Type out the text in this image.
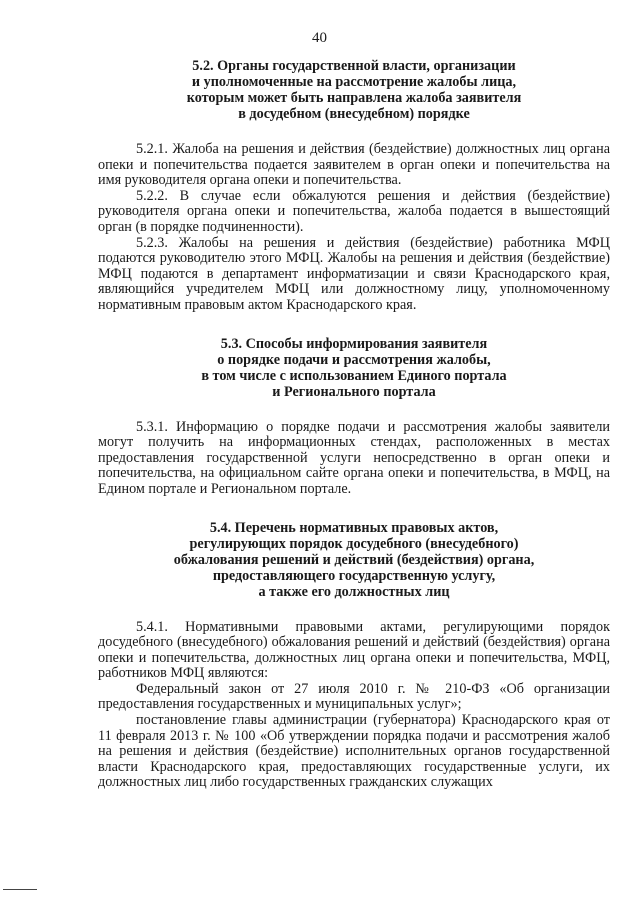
40
5.2. Органы государственной власти, организации
и уполномоченные на рассмотрение жалобы лица,
которым может быть направлена жалоба заявителя
в досудебном (внесудебном) порядке

5.2.1. Жалоба на решения и действия (бездействие) должностных лиц органа опеки и попечительства подается заявителем в орган опеки и попечительства на имя руководителя органа опеки и попечительства.

5.2.2. В случае если обжалуются решения и действия (бездействие) руководителя органа опеки и попечительства, жалоба подается в вышестоящий орган (в порядке подчиненности).

5.2.3. Жалобы на решения и действия (бездействие) работника МФЦ подаются руководителю этого МФЦ. Жалобы на решения и действия (бездействие) МФЦ подаются в департамент информатизации и связи Краснодарского края, являющийся учредителем МФЦ или должностному лицу, уполномоченному нормативным правовым актом Краснодарского края.

5.3. Способы информирования заявителя
о порядке подачи и рассмотрения жалобы,
в том числе с использованием Единого портала
и Регионального портала

5.3.1. Информацию о порядке подачи и рассмотрения жалобы заявители могут получить на информационных стендах, расположенных в местах предоставления государственной услуги непосредственно в орган опеки и попечительства, на официальном сайте органа опеки и попечительства, в МФЦ, на Едином портале и Региональном портале.

5.4. Перечень нормативных правовых актов,
регулирующих порядок досудебного (внесудебного)
обжалования решений и действий (бездействия) органа,
предоставляющего государственную услугу,
а также его должностных лиц

5.4.1. Нормативными правовыми актами, регулирующими порядок досудебного (внесудебного) обжалования решений и действий (бездействия) органа опеки и попечительства, должностных лиц органа опеки и попечительства, МФЦ, работников МФЦ являются:

Федеральный закон от 27 июля 2010 г. № 210-ФЗ «Об организации предоставления государственных и муниципальных услуг»;

постановление главы администрации (губернатора) Краснодарского края от 11 февраля 2013 г. № 100 «Об утверждении порядка подачи и рассмотрения жалоб на решения и действия (бездействие) исполнительных органов государственной власти Краснодарского края, предоставляющих государственные услуги, их должностных лиц либо государственных гражданских служащих
